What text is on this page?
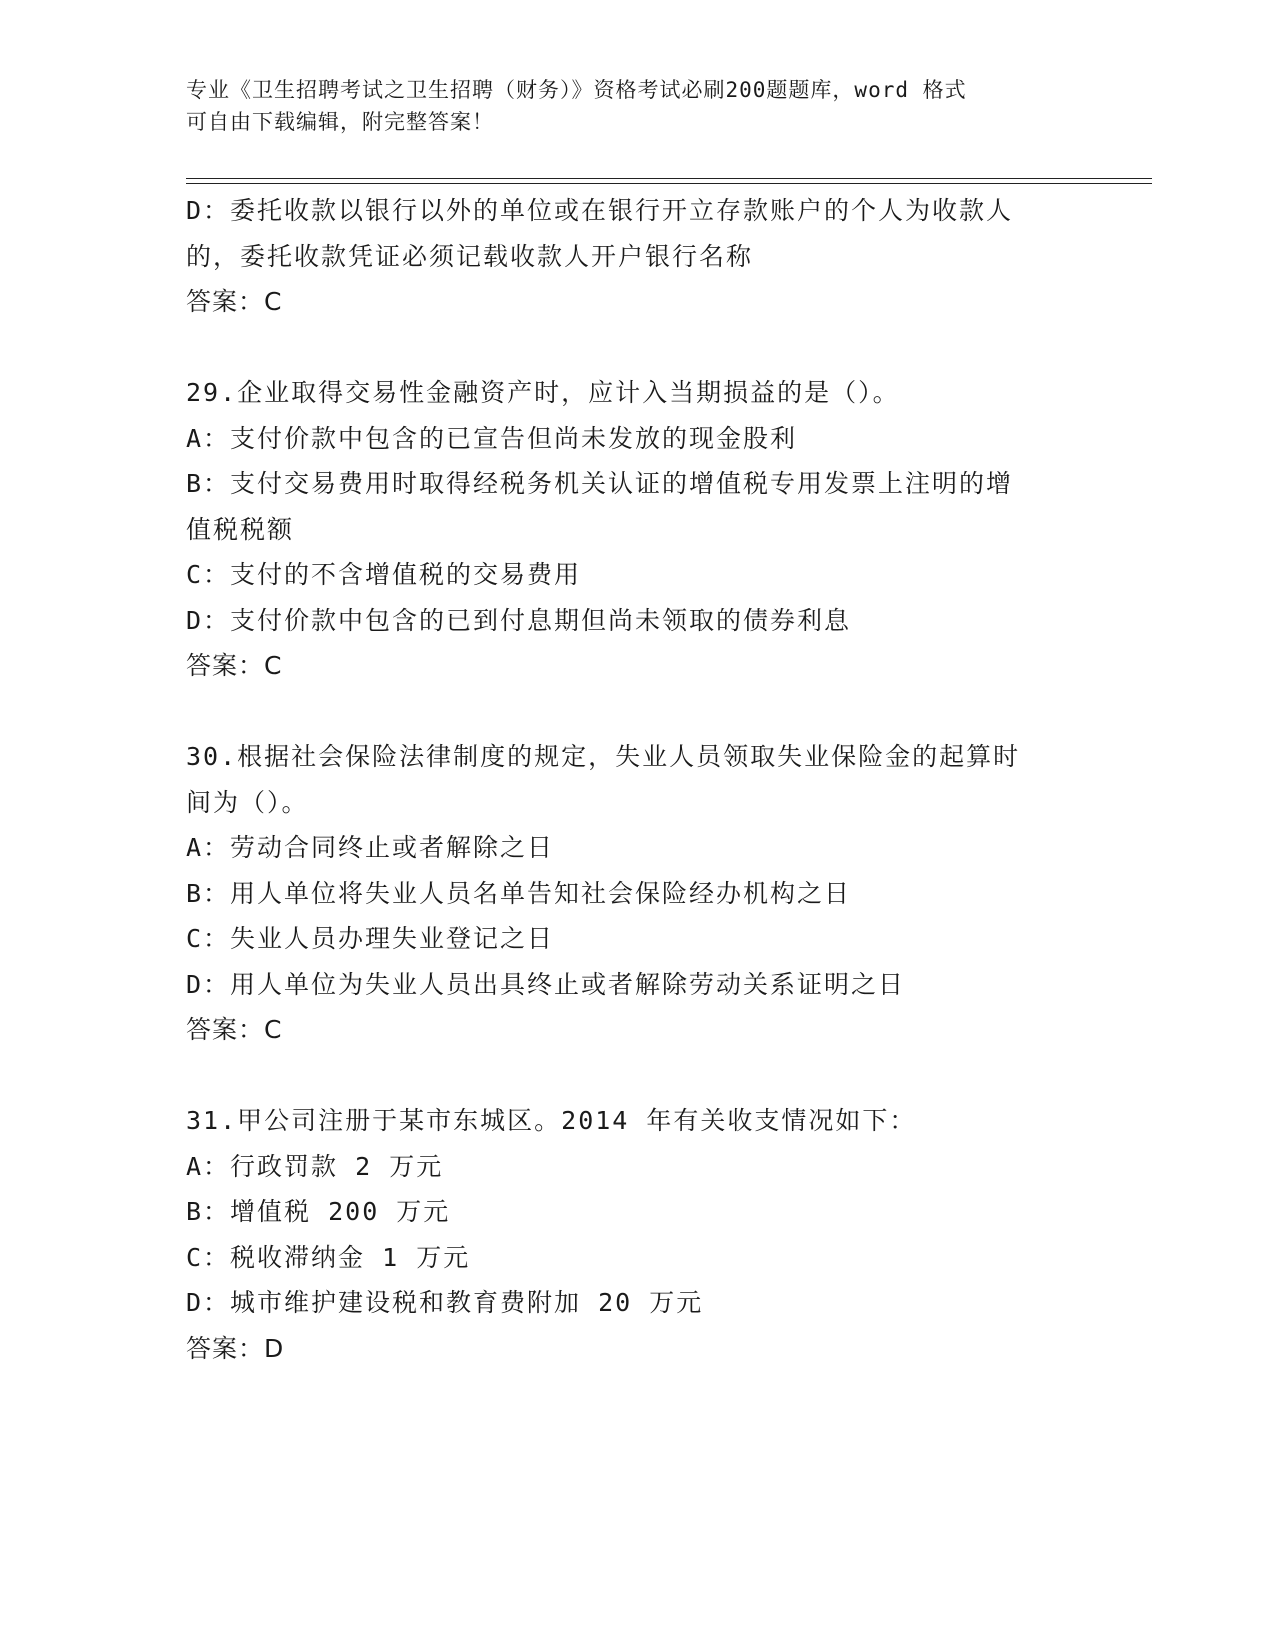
专业《卫生招聘考试之卫生招聘（财务）》资格考试必刷200题题库，word 格式
可自由下载编辑，附完整答案！
D：委托收款以银行以外的单位或在银行开立存款账户的个人为收款人
的，委托收款凭证必须记载收款人开户银行名称
答案：C
29.企业取得交易性金融资产时，应计入当期损益的是（）。
A：支付价款中包含的已宣告但尚未发放的现金股利
B：支付交易费用时取得经税务机关认证的增值税专用发票上注明的增
值税税额
C：支付的不含增值税的交易费用
D：支付价款中包含的已到付息期但尚未领取的债券利息
答案：C
30.根据社会保险法律制度的规定，失业人员领取失业保险金的起算时
间为（）。
A：劳动合同终止或者解除之日
B：用人单位将失业人员名单告知社会保险经办机构之日
C：失业人员办理失业登记之日
D：用人单位为失业人员出具终止或者解除劳动关系证明之日
答案：C
31.甲公司注册于某市东城区。2014 年有关收支情况如下：
A：行政罚款 2 万元
B：增值税 200 万元
C：税收滞纳金 1 万元
D：城市维护建设税和教育费附加 20 万元
答案：D
